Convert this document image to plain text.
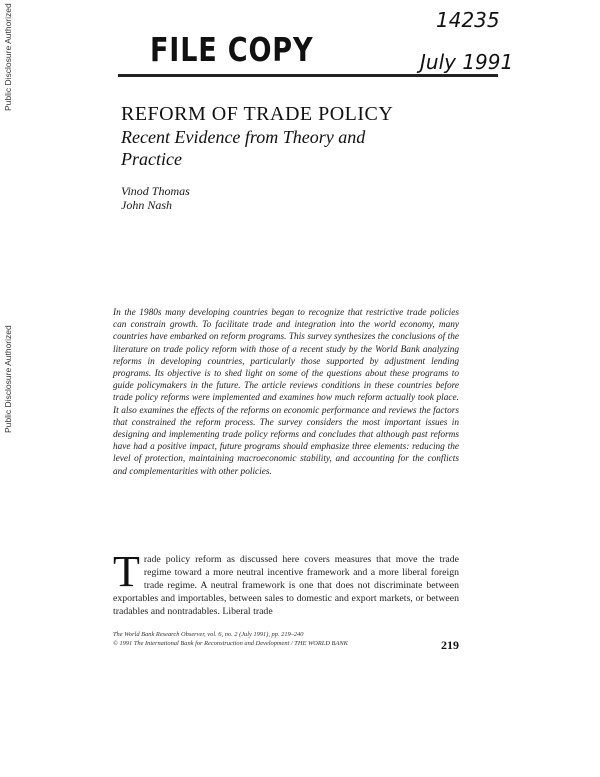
Public Disclosure Authorized
Public Disclosure Authorized
FILE COPY
14235
July 1991
REFORM OF TRADE POLICY
Recent Evidence from Theory and Practice
Vinod Thomas
John Nash
In the 1980s many developing countries began to recognize that restrictive trade policies can constrain growth. To facilitate trade and integration into the world economy, many countries have embarked on reform programs. This survey synthesizes the conclusions of the literature on trade policy reform with those of a recent study by the World Bank analyzing reforms in developing countries, particularly those supported by adjustment lending programs. Its objective is to shed light on some of the questions about these programs to guide policymakers in the future. The article reviews conditions in these countries before trade policy reforms were implemented and examines how much reform actually took place. It also examines the effects of the reforms on economic performance and reviews the factors that constrained the reform process. The survey considers the most important issues in designing and implementing trade policy reforms and concludes that although past reforms have had a positive impact, future programs should emphasize three elements: reducing the level of protection, maintaining macroeconomic stability, and accounting for the conflicts and complementarities with other policies.
Trade policy reform as discussed here covers measures that move the trade regime toward a more neutral incentive framework and a more liberal foreign trade regime. A neutral framework is one that does not discriminate between exportables and importables, between sales to domestic and export markets, or between tradables and nontradables. Liberal trade
The World Bank Research Observer, vol. 6, no. 2 (July 1991), pp. 219–240
© 1991 The International Bank for Reconstruction and Development / THE WORLD BANK	219
